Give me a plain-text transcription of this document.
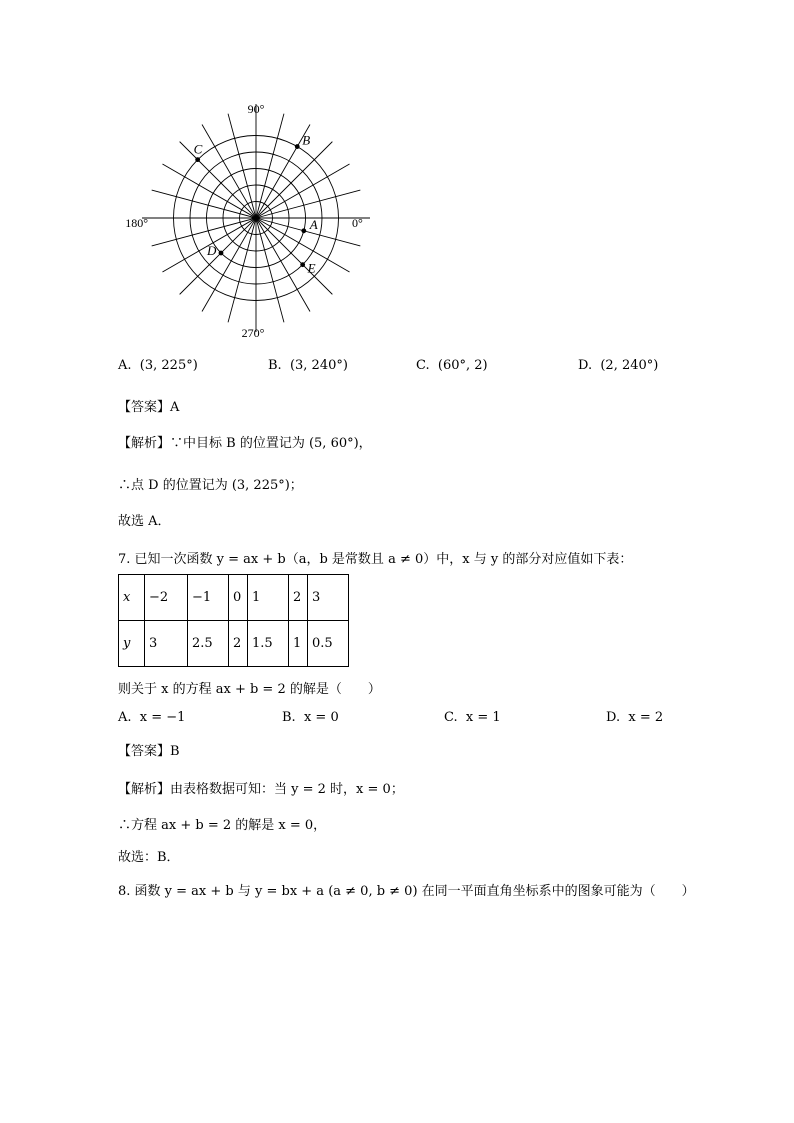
A
B
C
D
E
90°
0°
180°
270°
A. (3, 225°)	B. (3, 240°)	C. (60°, 2)	D. (2, 240°)
【答案】A
【解析】∵中目标 B 的位置记为 (5, 60°)，
∴点 D 的位置记为 (3, 225°)；
故选 A．
7. 已知一次函数 y = ax + b（a，b 是常数且 a ≠ 0）中，x 与 y 的部分对应值如下表：
x	−2	−1	0	1	2	3
y	3	2.5	2	1.5	1	0.5
则关于 x 的方程 ax + b = 2 的解是（　　）
A. x = −1	B. x = 0	C. x = 1	D. x = 2
【答案】B
【解析】由表格数据可知：当 y = 2 时，x = 0；
∴方程 ax + b = 2 的解是 x = 0，
故选：B．
8. 函数 y = ax + b 与 y = bx + a (a ≠ 0, b ≠ 0) 在同一平面直角坐标系中的图象可能为（　　）
